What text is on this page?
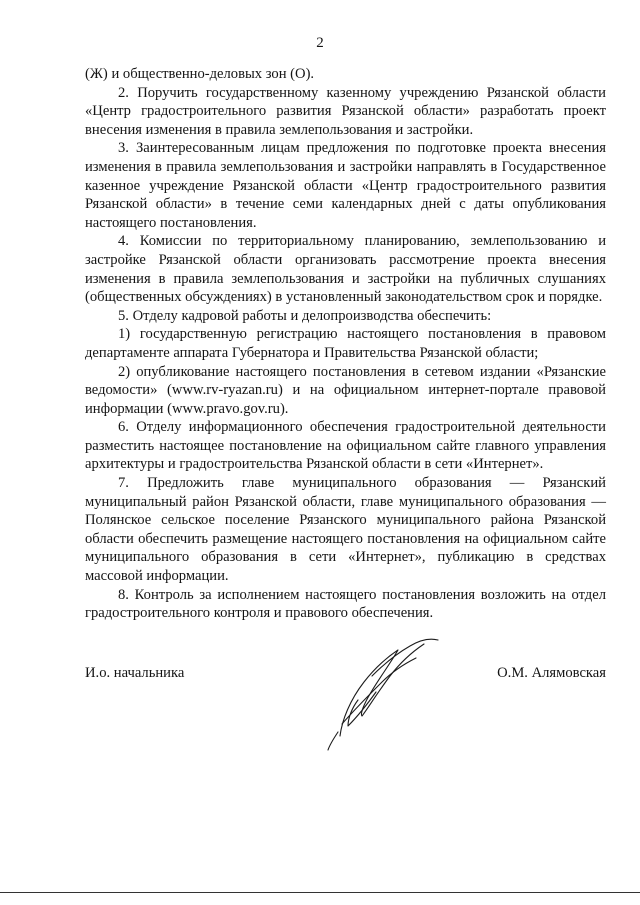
2

(Ж) и общественно-деловых зон (О).

2. Поручить государственному казенному учреждению Рязанской области «Центр градостроительного развития Рязанской области» разработать проект внесения изменения в правила землепользования и застройки.

3. Заинтересованным лицам предложения по подготовке проекта внесения изменения в правила землепользования и застройки направлять в Государственное казенное учреждение Рязанской области «Центр градостроительного развития Рязанской области» в течение семи календарных дней с даты опубликования настоящего постановления.

4. Комиссии по территориальному планированию, землепользованию и застройке Рязанской области организовать рассмотрение проекта внесения изменения в правила землепользования и застройки на публичных слушаниях (общественных обсуждениях) в установленный законодательством срок и порядке.

5. Отделу кадровой работы и делопроизводства обеспечить:

1) государственную регистрацию настоящего постановления в правовом департаменте аппарата Губернатора и Правительства Рязанской области;

2) опубликование настоящего постановления в сетевом издании «Рязанские ведомости» (www.rv-ryazan.ru) и на официальном интернет-портале правовой информации (www.pravo.gov.ru).

6. Отделу информационного обеспечения градостроительной деятельности разместить настоящее постановление на официальном сайте главного управления архитектуры и градостроительства Рязанской области в сети «Интернет».

7. Предложить главе муниципального образования — Рязанский муниципальный район Рязанской области, главе муниципального образования — Полянское сельское поселение Рязанского муниципального района Рязанской области обеспечить размещение настоящего постановления на официальном сайте муниципального образования в сети «Интернет», публикацию в средствах массовой информации.

8. Контроль за исполнением настоящего постановления возложить на отдел градостроительного контроля и правового обеспечения.

И.о. начальника	О.М. Алямовская
